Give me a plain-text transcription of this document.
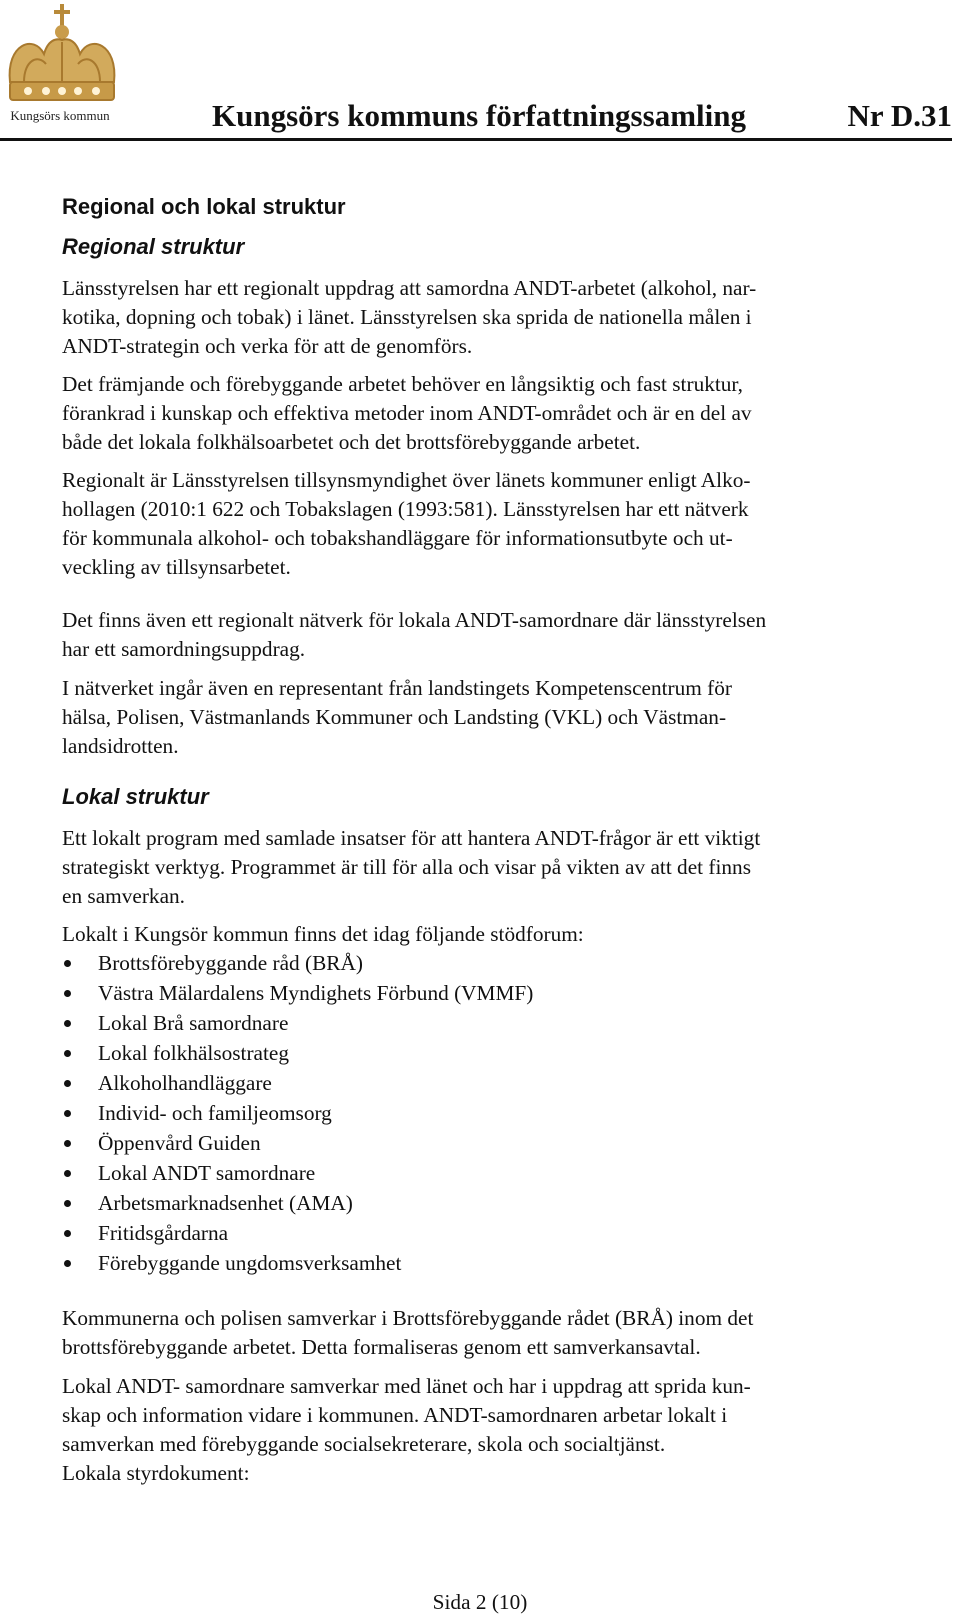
Kungsörs kommun	Kungsörs kommuns författningssamling	Nr D.31
Regional och lokal struktur
Regional struktur

Länsstyrelsen har ett regionalt uppdrag att samordna ANDT-arbetet (alkohol, nar-
kotika, dopning och tobak) i länet. Länsstyrelsen ska sprida de nationella målen i
ANDT-strategin och verka för att de genomförs.

Det främjande och förebyggande arbetet behöver en långsiktig och fast struktur,
förankrad i kunskap och effektiva metoder inom ANDT-området och är en del av
både det lokala folkhälsoarbetet och det brottsförebyggande arbetet.

Regionalt är Länsstyrelsen tillsynsmyndighet över länets kommuner enligt Alko-
hollagen (2010:1 622 och Tobakslagen (1993:581). Länsstyrelsen har ett nätverk
för kommunala alkohol- och tobakshandläggare för informationsutbyte och ut-
veckling av tillsynsarbetet.

Det finns även ett regionalt nätverk för lokala ANDT-samordnare där länsstyrelsen
har ett samordningsuppdrag.

I nätverket ingår även en representant från landstingets Kompetenscentrum för
hälsa, Polisen, Västmanlands Kommuner och Landsting (VKL) och Västman-
landsidrotten.

Lokal struktur

Ett lokalt program med samlade insatser för att hantera ANDT-frågor är ett viktigt
strategiskt verktyg. Programmet är till för alla och visar på vikten av att det finns
en samverkan.

Lokalt i Kungsör kommun finns det idag följande stödforum:

Brottsförebyggande råd (BRÅ)
Västra Mälardalens Myndighets Förbund (VMMF)
Lokal Brå samordnare
Lokal folkhälsostrateg
Alkoholhandläggare
Individ- och familjeomsorg
Öppenvård Guiden
Lokal ANDT samordnare
Arbetsmarknadsenhet (AMA)
Fritidsgårdarna
Förebyggande ungdomsverksamhet

Kommunerna och polisen samverkar i Brottsförebyggande rådet (BRÅ) inom det
brottsförebyggande arbetet. Detta formaliseras genom ett samverkansavtal.

Lokal ANDT- samordnare samverkar med länet och har i uppdrag att sprida kun-
skap och information vidare i kommunen. ANDT-samordnaren arbetar lokalt i
samverkan med förebyggande socialsekreterare, skola och socialtjänst.
Lokala styrdokument:

Sida 2 (10)
